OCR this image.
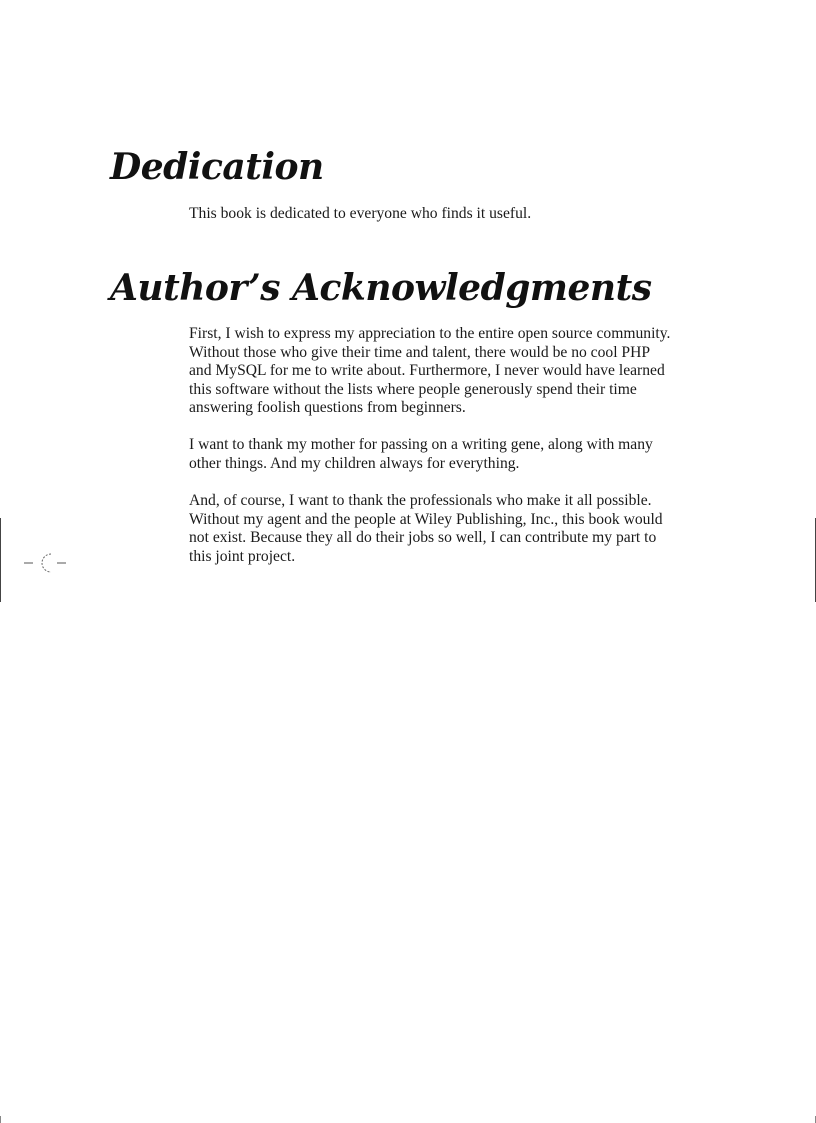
Dedication

This book is dedicated to everyone who finds it useful.

Author’s Acknowledgments

First, I wish to express my appreciation to the entire open source community.
Without those who give their time and talent, there would be no cool PHP
and MySQL for me to write about. Furthermore, I never would have learned
this software without the lists where people generously spend their time
answering foolish questions from beginners.

I want to thank my mother for passing on a writing gene, along with many
other things. And my children always for everything.

And, of course, I want to thank the professionals who make it all possible.
Without my agent and the people at Wiley Publishing, Inc., this book would
not exist. Because they all do their jobs so well, I can contribute my part to
this joint project.
